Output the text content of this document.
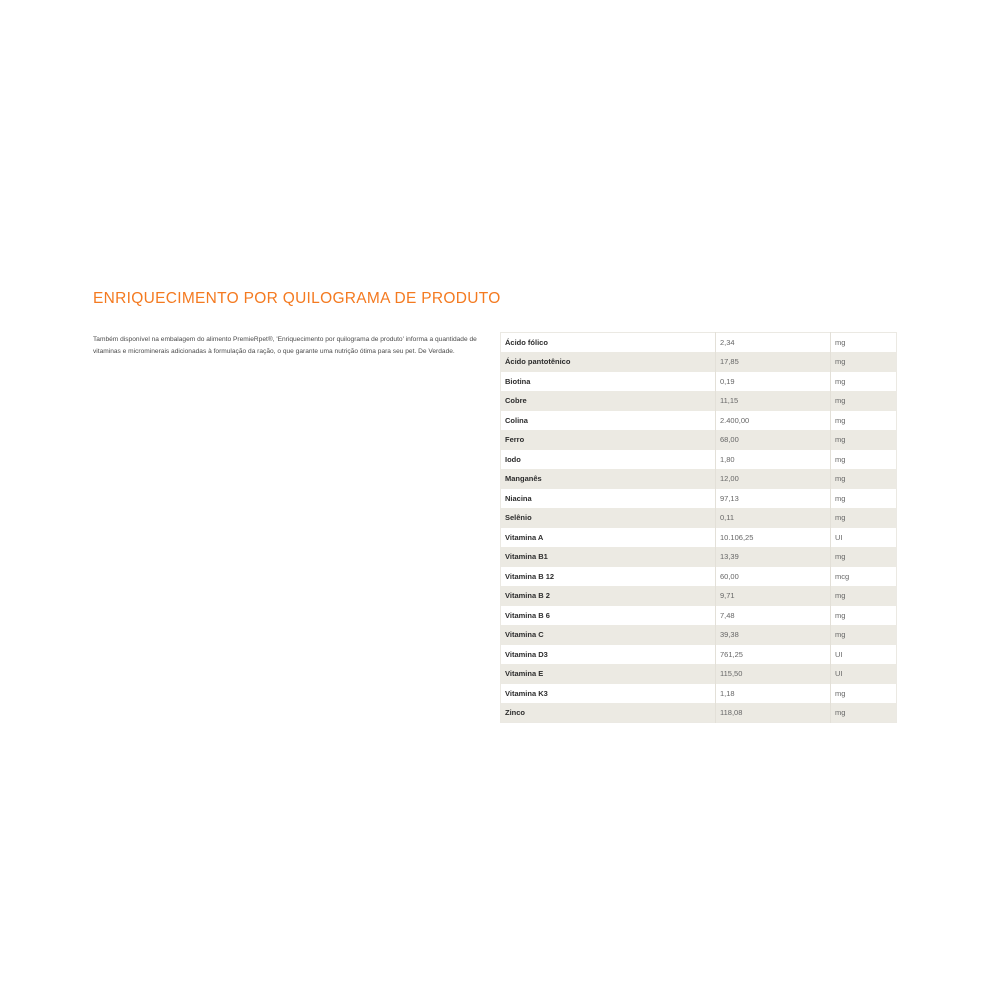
ENRIQUECIMENTO POR QUILOGRAMA DE PRODUTO

Também disponível na embalagem do alimento PremieRpet®, 'Enriquecimento por quilograma de produto' informa a quantidade de vitaminas e microminerais adicionadas à formulação da ração, o que garante uma nutrição ótima para seu pet. De Verdade.

Ácido fólico	2,34	mg
Ácido pantotênico	17,85	mg
Biotina	0,19	mg
Cobre	11,15	mg
Colina	2.400,00	mg
Ferro	68,00	mg
Iodo	1,80	mg
Manganês	12,00	mg
Niacina	97,13	mg
Selênio	0,11	mg
Vitamina A	10.106,25	UI
Vitamina B1	13,39	mg
Vitamina B 12	60,00	mcg
Vitamina B 2	9,71	mg
Vitamina B 6	7,48	mg
Vitamina C	39,38	mg
Vitamina D3	761,25	UI
Vitamina E	115,50	UI
Vitamina K3	1,18	mg
Zinco	118,08	mg
